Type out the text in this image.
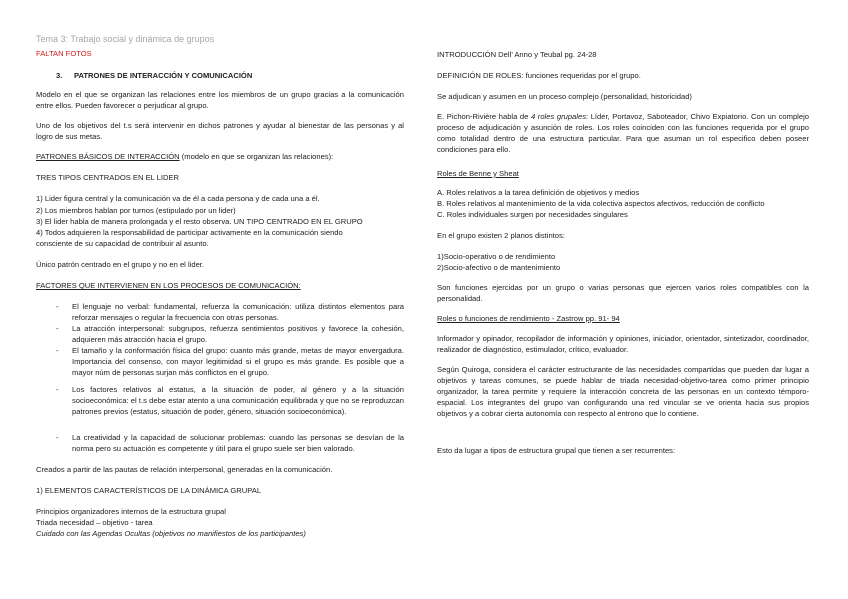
Tema 3: Trabajo social y dinámica de grupos

FALTAN FOTOS

3. PATRONES DE INTERACCIÓN Y COMUNICACIÓN

Modelo en el que se organizan las relaciones entre los miembros de un grupo gracias a la comunicación entre ellos. Pueden favorecer o perjudicar al grupo.

Uno de los objetivos del t.s será intervenir en dichos patrones y ayudar al bienestar de las personas y al logro de sus metas.

PATRONES BÁSICOS DE INTERACCIÓN (modelo en que se organizan las relaciones):

TRES TIPOS CENTRADOS EN EL LIDER

1) Lider figura central y la comunicación va de él a cada persona y de cada una a él.

2) Los miembros hablan por turnos (estipulado por un lider)

3) El lider habla de manera prolongada y el resto observa. UN TIPO CENTRADO EN EL GRUPO

4) Todos adquieren la responsabilidad de participar activamente en la comunicación siendo

consciente de su capacidad de contribuir al asunto.

Único patrón centrado en el grupo y no en el lider.

FACTORES QUE INTERVIENEN EN LOS PROCESOS DE COMUNICACIÓN:

- El lenguaje no verbal: fundamental, refuerza la comunicación: utiliza distintos elementos para reforzar mensajes o regular la frecuencia con otras personas.

- La atracción interpersonal: subgrupos, refuerza sentimientos positivos y favorece la cohesión, adquieren más atracción hacia el grupo.

- El tamaño y la conformación física del grupo: cuanto más grande, metas de mayor envergadura. Importancia del consenso, con mayor legitimidad si el grupo es más grande. Es posible que a mayor núm de personas surjan más conflictos en el grupo.

- Los factores relativos al estatus, a la situación de poder, al género y a la situación socioeconómica: el t.s debe estar atento a una comunicación equilibrada y que no se reproduzcan patrones previos (estatus, situación de poder, género, situación socioeconómica).

- La creatividad y la capacidad de solucionar problemas: cuando las personas se desvían de la norma pero su actuación es competente y útil para el grupo suele ser bien valorado.

Creados a partir de las pautas de relación interpersonal, generadas en la comunicación.

1) ELEMENTOS CARACTERÍSTICOS DE LA DINÁMICA GRUPAL

Principios organizadores internos de la estructura grupal

Triada necesidad – objetivo - tarea

Cuidado con las Agendas Ocultas (objetivos no manifiestos de los participantes)

INTRODUCCIÓN Dell’ Anno y Teubal pg. 24-28

DEFINICIÓN DE ROLES: funciones requeridas por el grupo.

Se adjudican y asumen en un proceso complejo (personalidad, historicidad)

E. Pichon-Rivière habla de 4 roles grupales: Líder, Portavoz, Saboteador, Chivo Expiatorio. Con un complejo proceso de adjudicación y asunción de roles. Los roles coinciden con las funciones requerida por el grupo como totalidad dentro de una estructura particular. Para que asuman un rol especifico deben poseer condiciones para ello.

Roles de Benne y Sheat

A. Roles relativos a la tarea definición de objetivos y medios

B. Roles relativos al mantenimiento de la vida colectiva aspectos afectivos, reducción de conflicto

C. Roles individuales surgen por necesidades singulares

En el grupo existen 2 planos distintos:

1)Socio-operativo o de rendimiento

2)Socio-afectivo o de mantenimiento

Son funciones ejercidas por un grupo o varias personas que ejercen varios roles compatibles con la personalidad.

Roles o funciones de rendimiento - Zastrow pp. 91- 94

Informador y opinador, recopilador de información y opiniones, iniciador, orientador, sintetizador, coordinador, realizador de diagnóstico, estimulador, crítico, evaluador.

Según Quiroga, considera el carácter estructurante de las necesidades compartidas que pueden dar lugar a objetivos y tareas comunes, se puede hablar de triada necesidad-objetivo-tarea como primer principio organizador, la tarea permite y requiere la interacción concreta de las personas en un contexto témporo-espacial. Los integrantes del grupo van configurando una red vincular se ve orienta hacia sus propios objetivos y a cobrar cierta autonomía con respecto al entrono que lo contiene.

Esto da lugar a tipos de estructura grupal que tienen a ser recurrentes:
